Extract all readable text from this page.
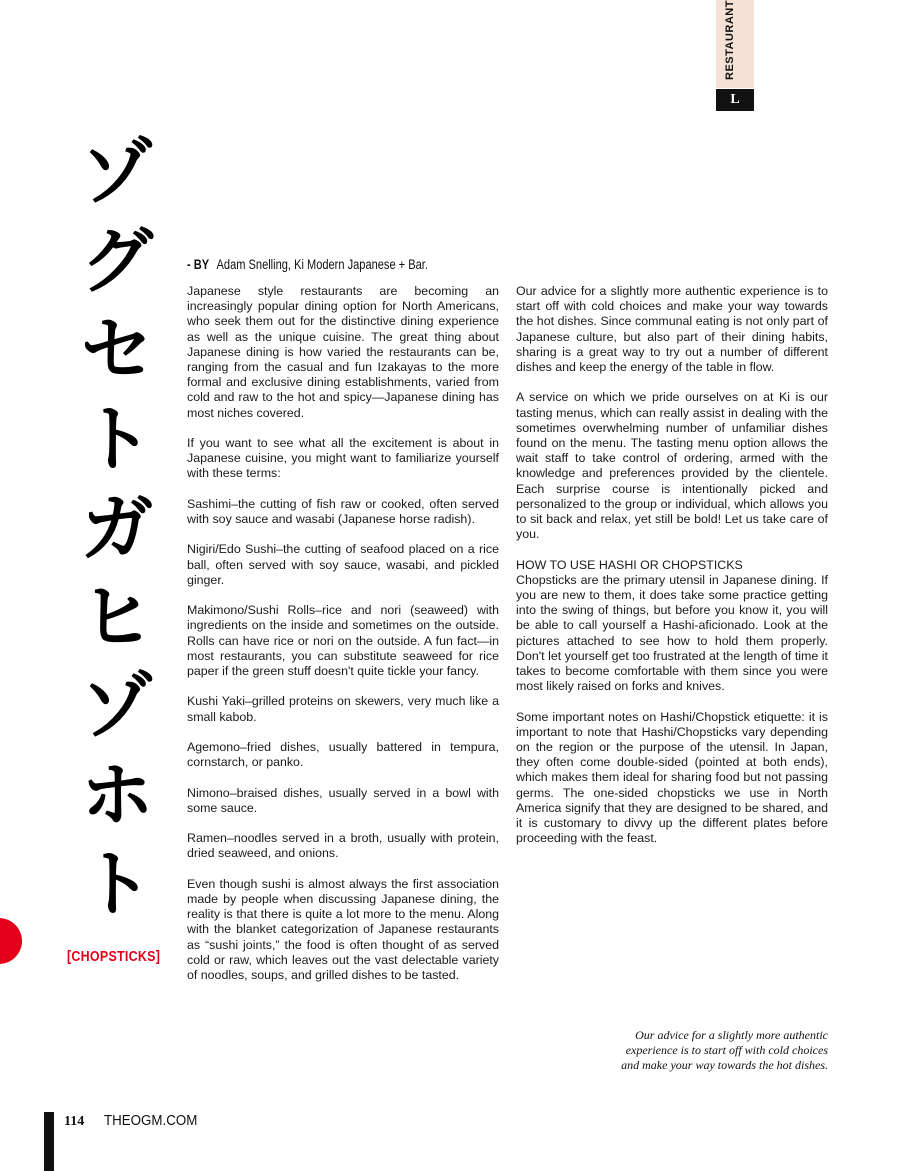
RESTAURANT
L
ゾ
グ
セ
ト
ガ
ヒ
ゾ
ホ
ト
[CHOPSTICKS]
- BY Adam Snelling, Ki Modern Japanese + Bar.

Japanese style restaurants are becoming an increasingly popular dining option for North Americans, who seek them out for the distinctive dining experience as well as the unique cuisine. The great thing about Japanese dining is how varied the restaurants can be, ranging from the casual and fun Izakayas to the more formal and exclusive dining establishments, varied from cold and raw to the hot and spicy—Japanese dining has most niches covered.

If you want to see what all the excitement is about in Japanese cuisine, you might want to familiarize yourself with these terms:

Sashimi–the cutting of fish raw or cooked, often served with soy sauce and wasabi (Japanese horse radish).

Nigiri/Edo Sushi–the cutting of seafood placed on a rice ball, often served with soy sauce, wasabi, and pickled ginger.

Makimono/Sushi Rolls–rice and nori (seaweed) with ingredients on the inside and sometimes on the outside. Rolls can have rice or nori on the outside. A fun fact—in most restaurants, you can substitute seaweed for rice paper if the green stuff doesn't quite tickle your fancy.

Kushi Yaki–grilled proteins on skewers, very much like a small kabob.

Agemono–fried dishes, usually battered in tempura, cornstarch, or panko.

Nimono–braised dishes, usually served in a bowl with some sauce.

Ramen–noodles served in a broth, usually with protein, dried seaweed, and onions.

Even though sushi is almost always the first association made by people when discussing Japanese dining, the reality is that there is quite a lot more to the menu. Along with the blanket categorization of Japanese restaurants as “sushi joints,” the food is often thought of as served cold or raw, which leaves out the vast delectable variety of noodles, soups, and grilled dishes to be tasted.

Our advice for a slightly more authentic experience is to start off with cold choices and make your way towards the hot dishes. Since communal eating is not only part of Japanese culture, but also part of their dining habits, sharing is a great way to try out a number of different dishes and keep the energy of the table in flow.

A service on which we pride ourselves on at Ki is our tasting menus, which can really assist in dealing with the sometimes overwhelming number of unfamiliar dishes found on the menu. The tasting menu option allows the wait staff to take control of ordering, armed with the knowledge and preferences provided by the clientele. Each surprise course is intentionally picked and personalized to the group or individual, which allows you to sit back and relax, yet still be bold! Let us take care of you.

HOW TO USE HASHI OR CHOPSTICKS

Chopsticks are the primary utensil in Japanese dining. If you are new to them, it does take some practice getting into the swing of things, but before you know it, you will be able to call yourself a Hashi-aficionado. Look at the pictures attached to see how to hold them properly. Don't let yourself get too frustrated at the length of time it takes to become comfortable with them since you were most likely raised on forks and knives.

Some important notes on Hashi/Chopstick etiquette: it is important to note that Hashi/Chopsticks vary depending on the region or the purpose of the utensil. In Japan, they often come double-sided (pointed at both ends), which makes them ideal for sharing food but not passing germs. The one-sided chopsticks we use in North America signify that they are designed to be shared, and it is customary to divvy up the different plates before proceeding with the feast.

Our advice for a slightly more authentic experience is to start off with cold choices and make your way towards the hot dishes.
114 THEOGM.COM
